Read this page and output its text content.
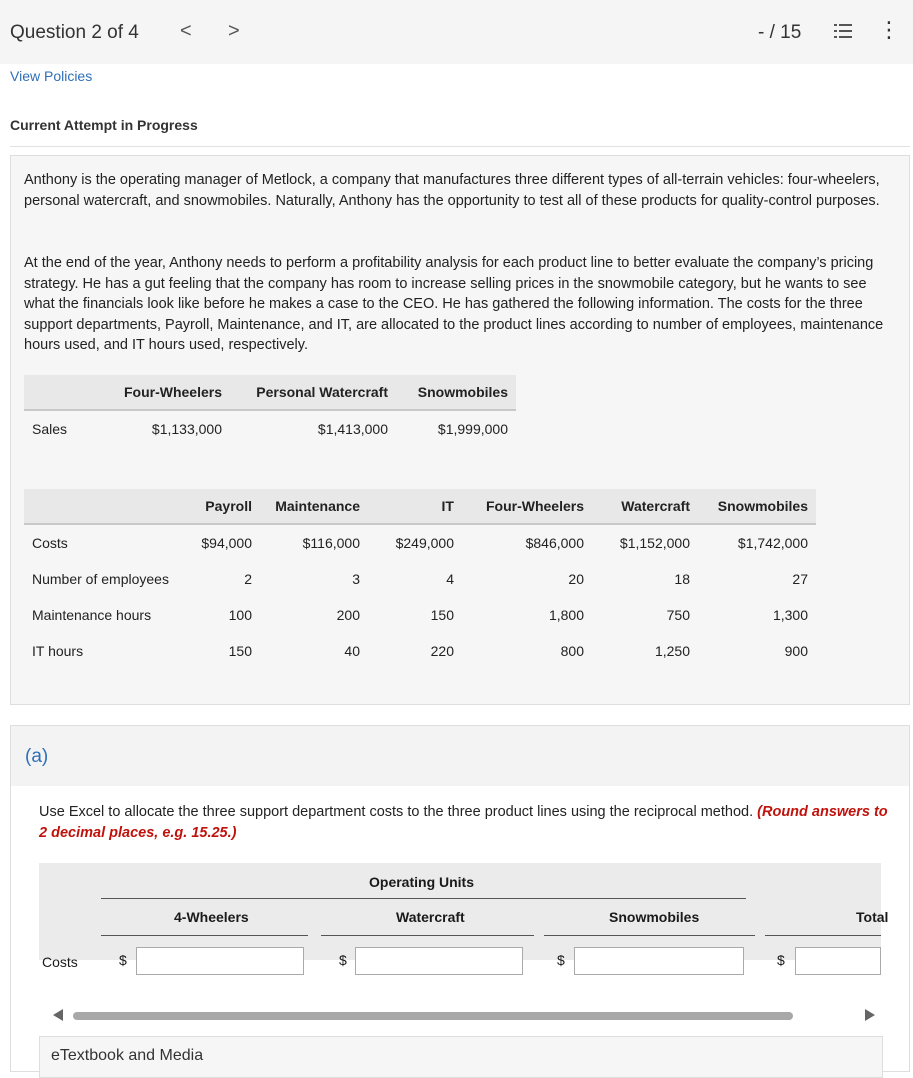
Question 2 of 4 < >	- / 15	⋮
View Policies
Current Attempt in Progress
Anthony is the operating manager of Metlock, a company that manufactures three different types of all-terrain vehicles: four-wheelers, personal watercraft, and snowmobiles. Naturally, Anthony has the opportunity to test all of these products for quality-control purposes.
At the end of the year, Anthony needs to perform a profitability analysis for each product line to better evaluate the company’s pricing strategy. He has a gut feeling that the company has room to increase selling prices in the snowmobile category, but he wants to see what the financials look like before he makes a case to the CEO. He has gathered the following information. The costs for the three support departments, Payroll, Maintenance, and IT, are allocated to the product lines according to number of employees, maintenance hours used, and IT hours used, respectively.
	Four-Wheelers	Personal Watercraft	Snowmobiles
Sales	$1,133,000	$1,413,000	$1,999,000
	Payroll	Maintenance	IT	Four-Wheelers	Watercraft	Snowmobiles
Costs	$94,000	$116,000	$249,000	$846,000	$1,152,000	$1,742,000
Number of employees	2	3	4	20	18	27
Maintenance hours	100	200	150	1,800	750	1,300
IT hours	150	40	220	800	1,250	900
(a)
Use Excel to allocate the three support department costs to the three product lines using the reciprocal method. (Round answers to 2 decimal places, e.g. 15.25.)
Operating Units
4-Wheelers	Watercraft	Snowmobiles	Total
Costs	$	$	$	$
eTextbook and Media
